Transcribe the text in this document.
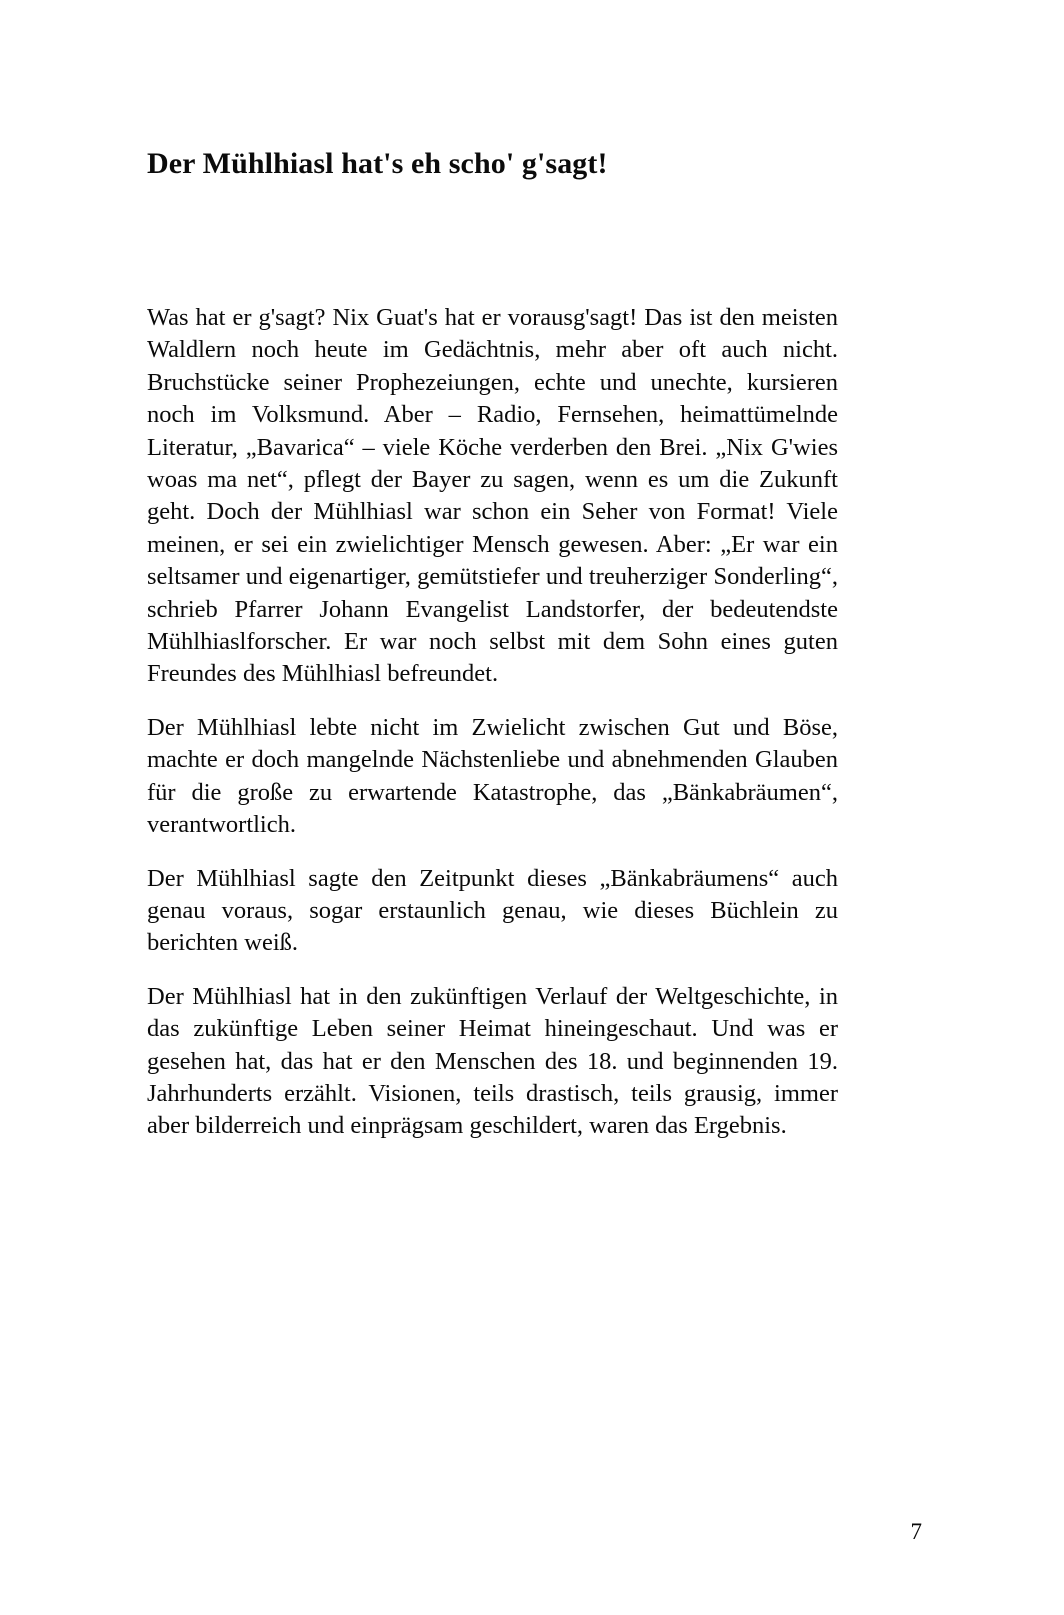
Der Mühlhiasl hat's eh scho' g'sagt!

Was hat er g'sagt? Nix Guat's hat er vorausg'sagt! Das ist den meisten Waldlern noch heute im Gedächtnis, mehr aber oft auch nicht. Bruchstücke seiner Prophezeiungen, echte und unechte, kursieren noch im Volksmund. Aber – Radio, Fernsehen, heimattümelnde Literatur, „Bavarica“ – viele Köche verderben den Brei. „Nix G'wies woas ma net“, pflegt der Bayer zu sagen, wenn es um die Zukunft geht. Doch der Mühlhiasl war schon ein Seher von Format! Viele meinen, er sei ein zwielichtiger Mensch gewesen. Aber: „Er war ein seltsamer und eigenartiger, gemütstiefer und treuherziger Sonderling“, schrieb Pfarrer Johann Evangelist Landstorfer, der bedeutendste Mühlhiaslforscher. Er war noch selbst mit dem Sohn eines guten Freundes des Mühlhiasl befreundet.

Der Mühlhiasl lebte nicht im Zwielicht zwischen Gut und Böse, machte er doch mangelnde Nächstenliebe und abnehmenden Glauben für die große zu erwartende Katastrophe, das „Bänkabräumen“, verantwortlich.

Der Mühlhiasl sagte den Zeitpunkt dieses „Bänkabräumens“ auch genau voraus, sogar erstaunlich genau, wie dieses Büchlein zu berichten weiß.

Der Mühlhiasl hat in den zukünftigen Verlauf der Weltgeschichte, in das zukünftige Leben seiner Heimat hineingeschaut. Und was er gesehen hat, das hat er den Menschen des 18. und beginnenden 19. Jahrhunderts erzählt. Visionen, teils drastisch, teils grausig, immer aber bilderreich und einprägsam geschildert, waren das Ergebnis.

7
